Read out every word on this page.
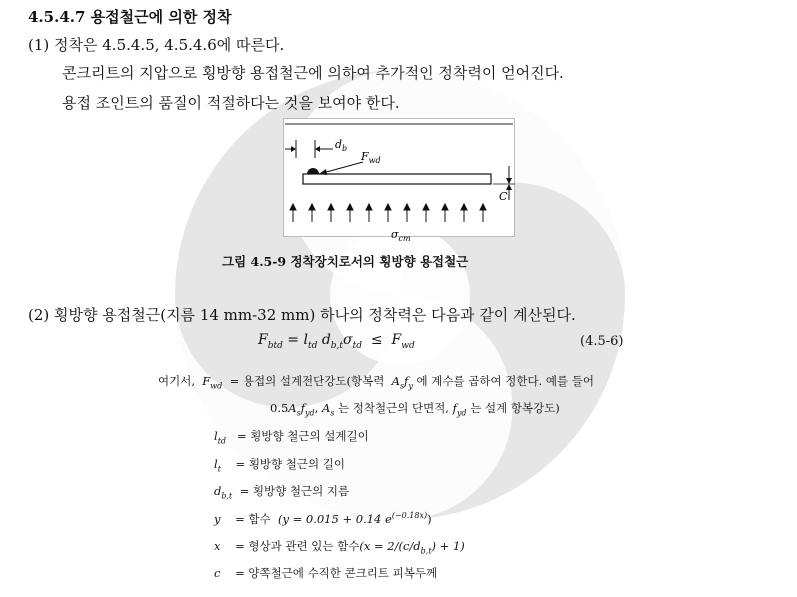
4.5.4.7 용접철근에 의한 정착
(1) 정착은 4.5.4.5, 4.5.4.6에 따른다.
콘크리트의 지압으로 횡방향 용접철근에 의하여 추가적인 정착력이 얻어진다.
용접 조인트의 품질이 적절하다는 것을 보여야 한다.
$d_b$
$F_{wd}$
C
$\sigma_{cm}$
그림 4.5-9 정착장치로서의 횡방향 용접철근
(2) 횡방향 용접철근(지름 14 mm-32 mm) 하나의 정착력은 다음과 같이 계산된다.
$F_{btd} = l_{td}$ $d_{b,t}\sigma_{td} \le F_{wd}$	(4.5-6)
여기서, $F_{wd}$ = 용접의 설계전단강도(항복력 $A_sf_y$ 에 계수를 곱하여 정한다. 예를 들어
$0.5A_sf_{yd}$, $A_s$ 는 정착철근의 단면적, $f_{yd}$ 는 설계 항복강도)
$l_{td}$ = 횡방향 철근의 설계길이
$l_t$ = 횡방향 철근의 길이
$d_{b,t}$ = 횡방향 철근의 지름
y = 함수 (y = 0.015 + 0.14 $e^{(-0.18x)}$)
x = 형상과 관련 있는 함수$(x = 2/(c/d_{b,t}) + 1)$
c = 양쪽철근에 수직한 콘크리트 피복두께
